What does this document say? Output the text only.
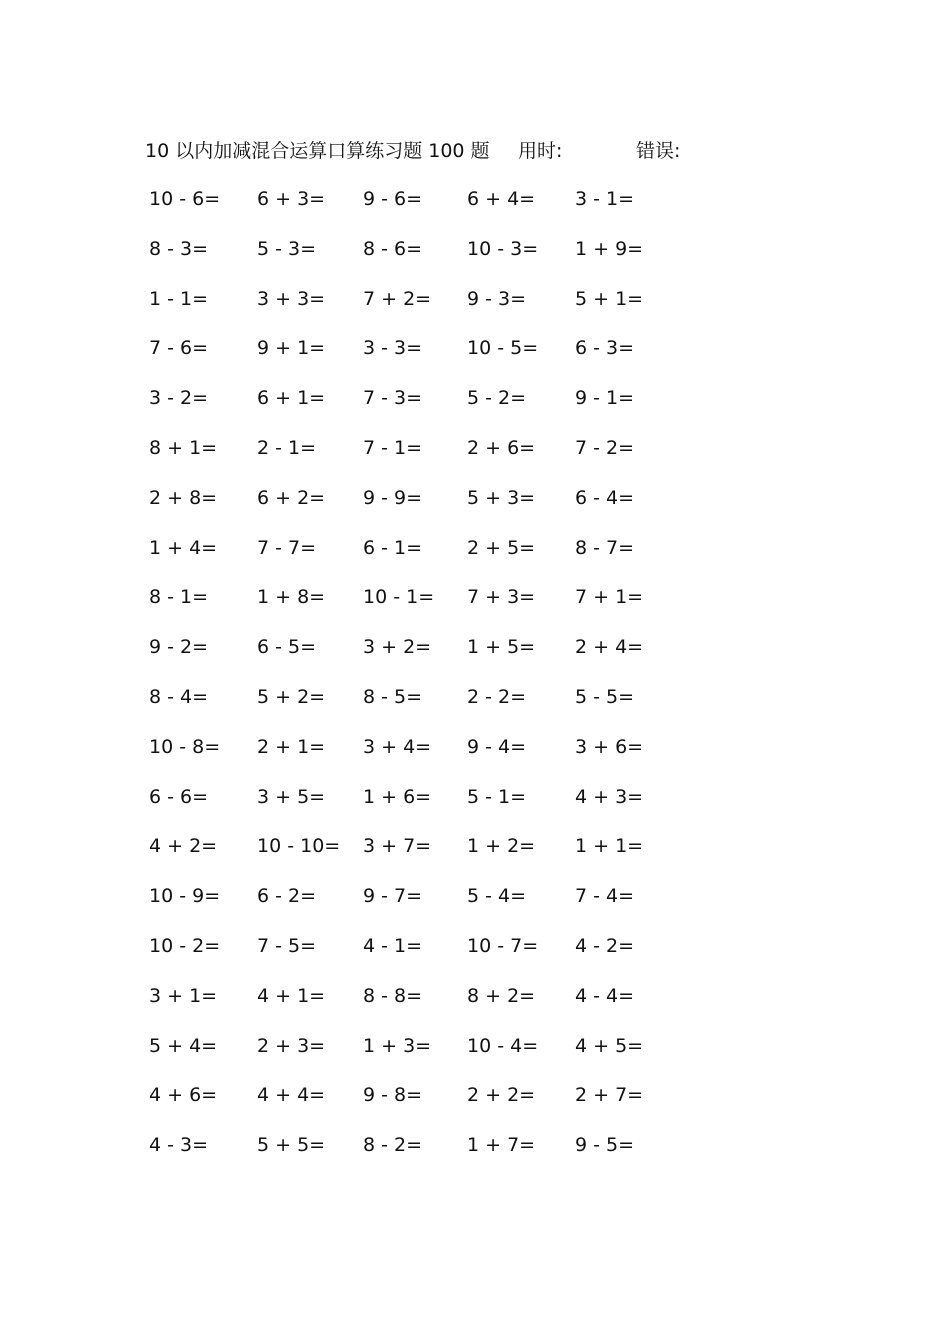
10 以内加减混合运算口算练习题 100 题 用时:	错误:
10 - 6=	6 + 3=	9 - 6=	6 + 4=	3 - 1=
8 - 3=	5 - 3=	8 - 6=	10 - 3=	1 + 9=
1 - 1=	3 + 3=	7 + 2=	9 - 3=	5 + 1=
7 - 6=	9 + 1=	3 - 3=	10 - 5=	6 - 3=
3 - 2=	6 + 1=	7 - 3=	5 - 2=	9 - 1=
8 + 1=	2 - 1=	7 - 1=	2 + 6=	7 - 2=
2 + 8=	6 + 2=	9 - 9=	5 + 3=	6 - 4=
1 + 4=	7 - 7=	6 - 1=	2 + 5=	8 - 7=
8 - 1=	1 + 8=	10 - 1=	7 + 3=	7 + 1=
9 - 2=	6 - 5=	3 + 2=	1 + 5=	2 + 4=
8 - 4=	5 + 2=	8 - 5=	2 - 2=	5 - 5=
10 - 8=	2 + 1=	3 + 4=	9 - 4=	3 + 6=
6 - 6=	3 + 5=	1 + 6=	5 - 1=	4 + 3=
4 + 2=	10 - 10=	3 + 7=	1 + 2=	1 + 1=
10 - 9=	6 - 2=	9 - 7=	5 - 4=	7 - 4=
10 - 2=	7 - 5=	4 - 1=	10 - 7=	4 - 2=
3 + 1=	4 + 1=	8 - 8=	8 + 2=	4 - 4=
5 + 4=	2 + 3=	1 + 3=	10 - 4=	4 + 5=
4 + 6=	4 + 4=	9 - 8=	2 + 2=	2 + 7=
4 - 3=	5 + 5=	8 - 2=	1 + 7=	9 - 5=
